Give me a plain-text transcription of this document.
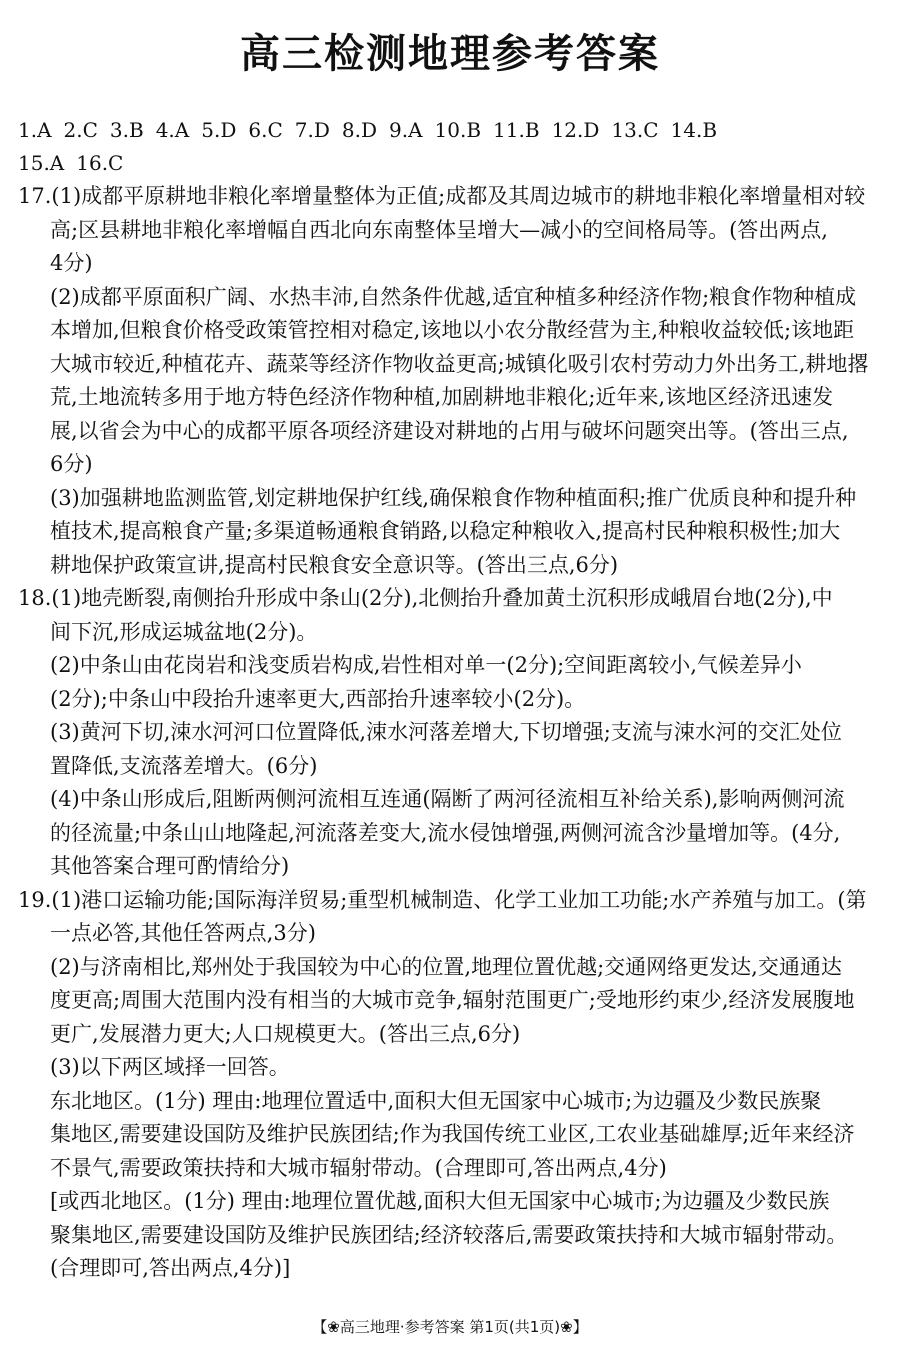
高三检测地理参考答案
1.A 2.C 3.B 4.A 5.D 6.C 7.D 8.D 9.A 10.B 11.B 12.D 13.C 14.B
15.A 16.C
17.(1)成都平原耕地非粮化率增量整体为正值;成都及其周边城市的耕地非粮化率增量相对较
高;区县耕地非粮化率增幅自西北向东南整体呈增大—减小的空间格局等。(答出两点,
4分)
(2)成都平原面积广阔、水热丰沛,自然条件优越,适宜种植多种经济作物;粮食作物种植成
本增加,但粮食价格受政策管控相对稳定,该地以小农分散经营为主,种粮收益较低;该地距
大城市较近,种植花卉、蔬菜等经济作物收益更高;城镇化吸引农村劳动力外出务工,耕地撂
荒,土地流转多用于地方特色经济作物种植,加剧耕地非粮化;近年来,该地区经济迅速发
展,以省会为中心的成都平原各项经济建设对耕地的占用与破坏问题突出等。(答出三点,
6分)
(3)加强耕地监测监管,划定耕地保护红线,确保粮食作物种植面积;推广优质良种和提升种
植技术,提高粮食产量;多渠道畅通粮食销路,以稳定种粮收入,提高村民种粮积极性;加大
耕地保护政策宣讲,提高村民粮食安全意识等。(答出三点,6分)
18.(1)地壳断裂,南侧抬升形成中条山(2分),北侧抬升叠加黄土沉积形成峨眉台地(2分),中
间下沉,形成运城盆地(2分)。
(2)中条山由花岗岩和浅变质岩构成,岩性相对单一(2分);空间距离较小,气候差异小
(2分);中条山中段抬升速率更大,西部抬升速率较小(2分)。
(3)黄河下切,涑水河河口位置降低,涑水河落差增大,下切增强;支流与涑水河的交汇处位
置降低,支流落差增大。(6分)
(4)中条山形成后,阻断两侧河流相互连通(隔断了两河径流相互补给关系),影响两侧河流
的径流量;中条山山地隆起,河流落差变大,流水侵蚀增强,两侧河流含沙量增加等。(4分,
其他答案合理可酌情给分)
19.(1)港口运输功能;国际海洋贸易;重型机械制造、化学工业加工功能;水产养殖与加工。(第
一点必答,其他任答两点,3分)
(2)与济南相比,郑州处于我国较为中心的位置,地理位置优越;交通网络更发达,交通通达
度更高;周围大范围内没有相当的大城市竞争,辐射范围更广;受地形约束少,经济发展腹地
更广,发展潜力更大;人口规模更大。(答出三点,6分)
(3)以下两区域择一回答。
东北地区。(1分) 理由:地理位置适中,面积大但无国家中心城市;为边疆及少数民族聚
集地区,需要建设国防及维护民族团结;作为我国传统工业区,工农业基础雄厚;近年来经济
不景气,需要政策扶持和大城市辐射带动。(合理即可,答出两点,4分)
[或西北地区。(1分) 理由:地理位置优越,面积大但无国家中心城市;为边疆及少数民族
聚集地区,需要建设国防及维护民族团结;经济较落后,需要政策扶持和大城市辐射带动。
(合理即可,答出两点,4分)]
【❀高三地理·参考答案 第1页(共1页)❀】
